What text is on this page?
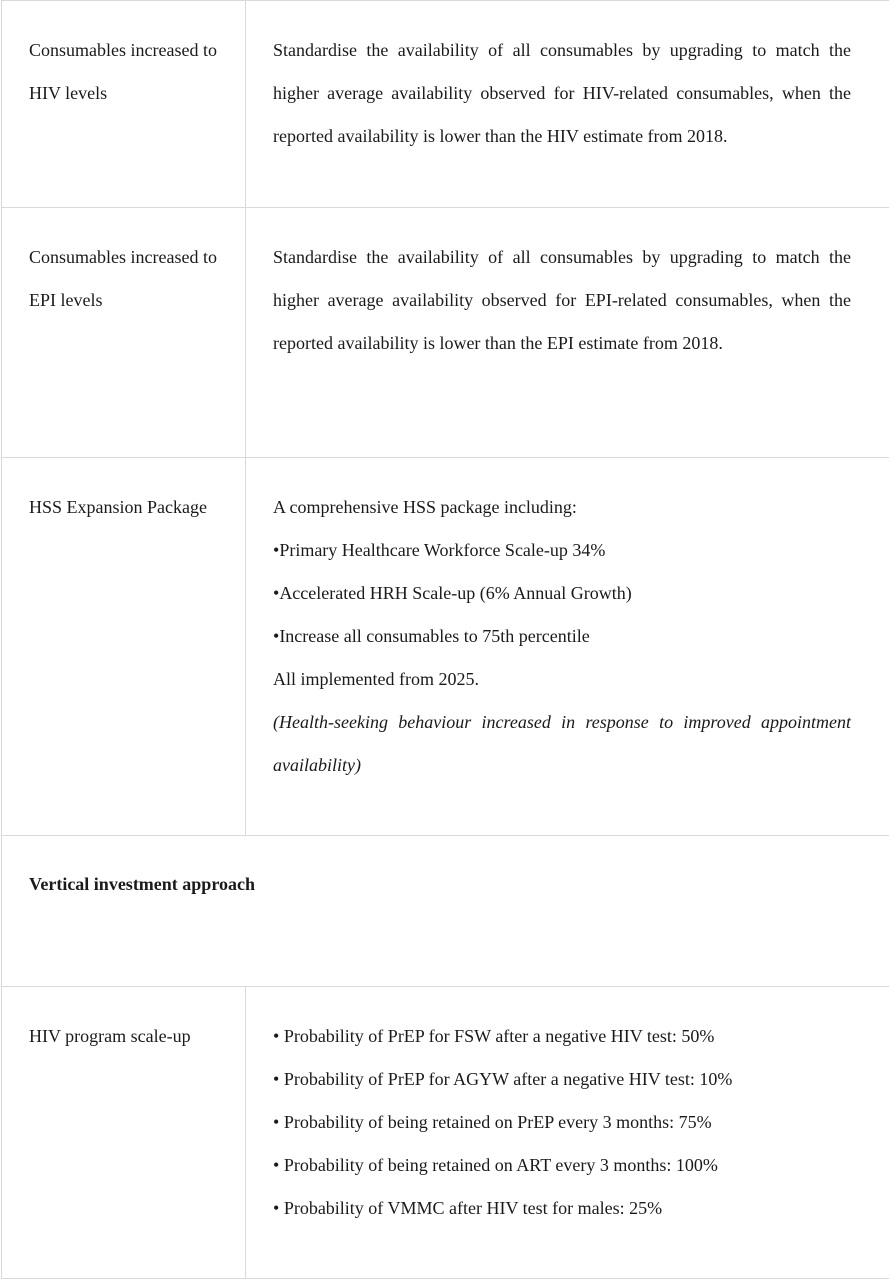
Consumables increased to HIV levels
Standardise the availability of all consumables by upgrading to match the higher average availability observed for HIV-related consumables, when the reported availability is lower than the HIV estimate from 2018.
Consumables increased to EPI levels
Standardise the availability of all consumables by upgrading to match the higher average availability observed for EPI-related consumables, when the reported availability is lower than the EPI estimate from 2018.
HSS Expansion Package	A comprehensive HSS package including:
•Primary Healthcare Workforce Scale-up 34%
•Accelerated HRH Scale-up (6% Annual Growth)
•Increase all consumables to 75th percentile
All implemented from 2025.
(Health-seeking behaviour increased in response to improved appointment availability)
Vertical investment approach
HIV program scale-up	• Probability of PrEP for FSW after a negative HIV test: 50%
• Probability of PrEP for AGYW after a negative HIV test: 10%
• Probability of being retained on PrEP every 3 months: 75%
• Probability of being retained on ART every 3 months: 100%
• Probability of VMMC after HIV test for males: 25%
